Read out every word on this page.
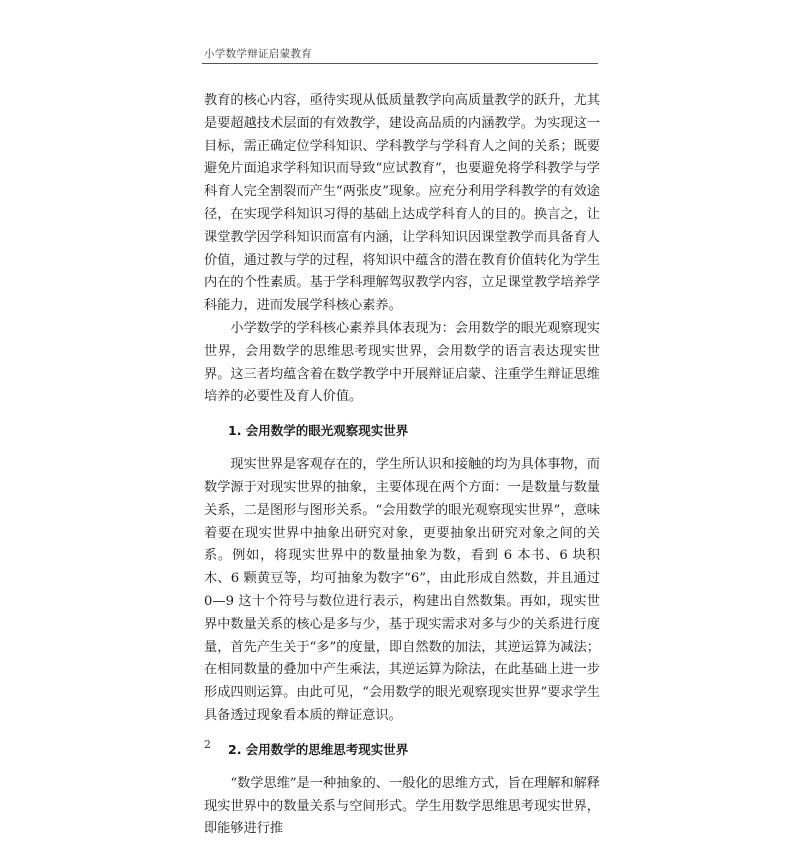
小学数学辩证启蒙教育

教育的核心内容，亟待实现从低质量教学向高质量教学的跃升，尤其是要超越技术层面的有效教学，建设高品质的内涵教学。为实现这一目标，需正确定位学科知识、学科教学与学科育人之间的关系；既要避免片面追求学科知识而导致“应试教育”，也要避免将学科教学与学科育人完全割裂而产生“两张皮”现象。应充分利用学科教学的有效途径，在实现学科知识习得的基础上达成学科育人的目的。换言之，让课堂教学因学科知识而富有内涵，让学科知识因课堂教学而具备育人价值，通过教与学的过程，将知识中蕴含的潜在教育价值转化为学生内在的个性素质。基于学科理解驾驭教学内容，立足课堂教学培养学科能力，进而发展学科核心素养。

小学数学的学科核心素养具体表现为：会用数学的眼光观察现实世界，会用数学的思维思考现实世界，会用数学的语言表达现实世界。这三者均蕴含着在数学教学中开展辩证启蒙、注重学生辩证思维培养的必要性及育人价值。

1. 会用数学的眼光观察现实世界

现实世界是客观存在的，学生所认识和接触的均为具体事物，而数学源于对现实世界的抽象，主要体现在两个方面：一是数量与数量关系，二是图形与图形关系。“会用数学的眼光观察现实世界”，意味着要在现实世界中抽象出研究对象，更要抽象出研究对象之间的关系。例如，将现实世界中的数量抽象为数，看到 6 本书、6 块积木、6 颗黄豆等，均可抽象为数字“6”，由此形成自然数，并且通过 0—9 这十个符号与数位进行表示，构建出自然数集。再如，现实世界中数量关系的核心是多与少，基于现实需求对多与少的关系进行度量，首先产生关于“多”的度量，即自然数的加法，其逆运算为减法；在相同数量的叠加中产生乘法，其逆运算为除法，在此基础上进一步形成四则运算。由此可见，“会用数学的眼光观察现实世界”要求学生具备透过现象看本质的辩证意识。

2. 会用数学的思维思考现实世界

“数学思维”是一种抽象的、一般化的思维方式，旨在理解和解释现实世界中的数量关系与空间形式。学生用数学思维思考现实世界，即能够进行推

2
